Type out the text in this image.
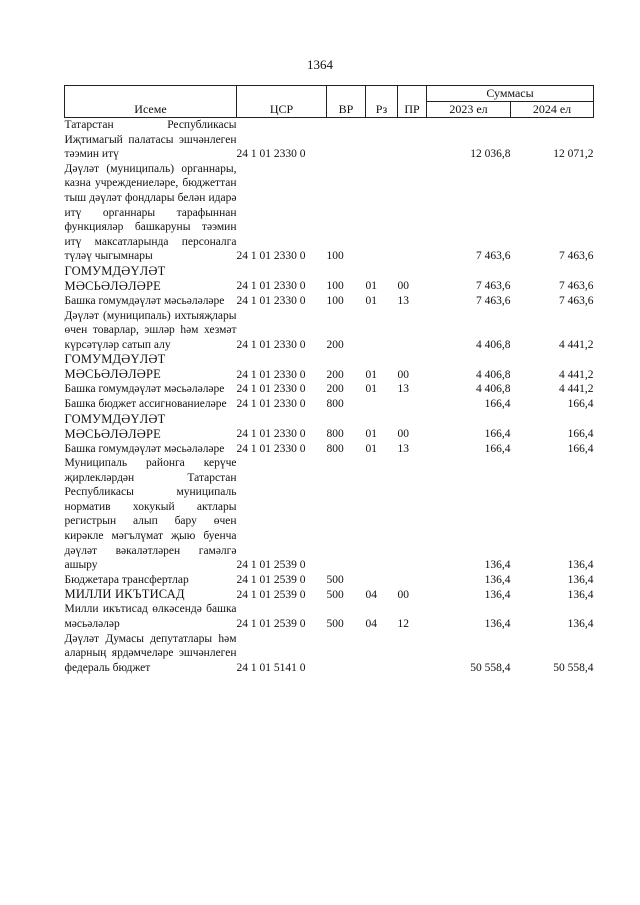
1364
Исеме	ЦСР	ВР	Рз	ПР	Суммасы	
					2023 ел	2024 ел
Татарстан Республикасы Иҗтимагый палатасы эшчәнлеген тәэмин итү	24 1 01 2330 0				12 036,8	12 071,2
Дәүләт (муниципаль) органнары, казна учреждениеләре, бюджеттан тыш дәүләт фондлары белән идарә итү органнары тарафыннан функцияләр башкаруны тәэмин итү максатларында персоналга түләү чыгымнары	24 1 01 2330 0	100			7 463,6	7 463,6
ГОМУМДӘҮЛӘТ МӘСЬӘЛӘЛӘРЕ	24 1 01 2330 0	100	01	00	7 463,6	7 463,6
Башка гомумдәүләт мәсьәләләре	24 1 01 2330 0	100	01	13	7 463,6	7 463,6
Дәүләт (муниципаль) ихтыяҗлары өчен товарлар, эшләр һәм хезмәт күрсәтүләр сатып алу	24 1 01 2330 0	200			4 406,8	4 441,2
ГОМУМДӘҮЛӘТ МӘСЬӘЛӘЛӘРЕ	24 1 01 2330 0	200	01	00	4 406,8	4 441,2
Башка гомумдәүләт мәсьәләләре	24 1 01 2330 0	200	01	13	4 406,8	4 441,2
Башка бюджет ассигнованиеләре	24 1 01 2330 0	800			166,4	166,4
ГОМУМДӘҮЛӘТ МӘСЬӘЛӘЛӘРЕ	24 1 01 2330 0	800	01	00	166,4	166,4
Башка гомумдәүләт мәсьәләләре	24 1 01 2330 0	800	01	13	166,4	166,4
Муниципаль районга керүче җирлекләрдән Татарстан Республикасы муниципаль норматив хокукый актлары регистрын алып бару өчен кирәкле мәгълүмат җыю буенча дәүләт вәкаләтләрен гамәлгә ашыру	24 1 01 2539 0				136,4	136,4
Бюджетара трансфертлар	24 1 01 2539 0	500			136,4	136,4
МИЛЛИ ИКЪТИСАД	24 1 01 2539 0	500	04	00	136,4	136,4
Милли икътисад өлкәсендә башка мәсьәләләр	24 1 01 2539 0	500	04	12	136,4	136,4
Дәүләт Думасы депутатлары һәм аларның ярдәмчеләре эшчәнлеген федераль бюджет	24 1 01 5141 0				50 558,4	50 558,4
